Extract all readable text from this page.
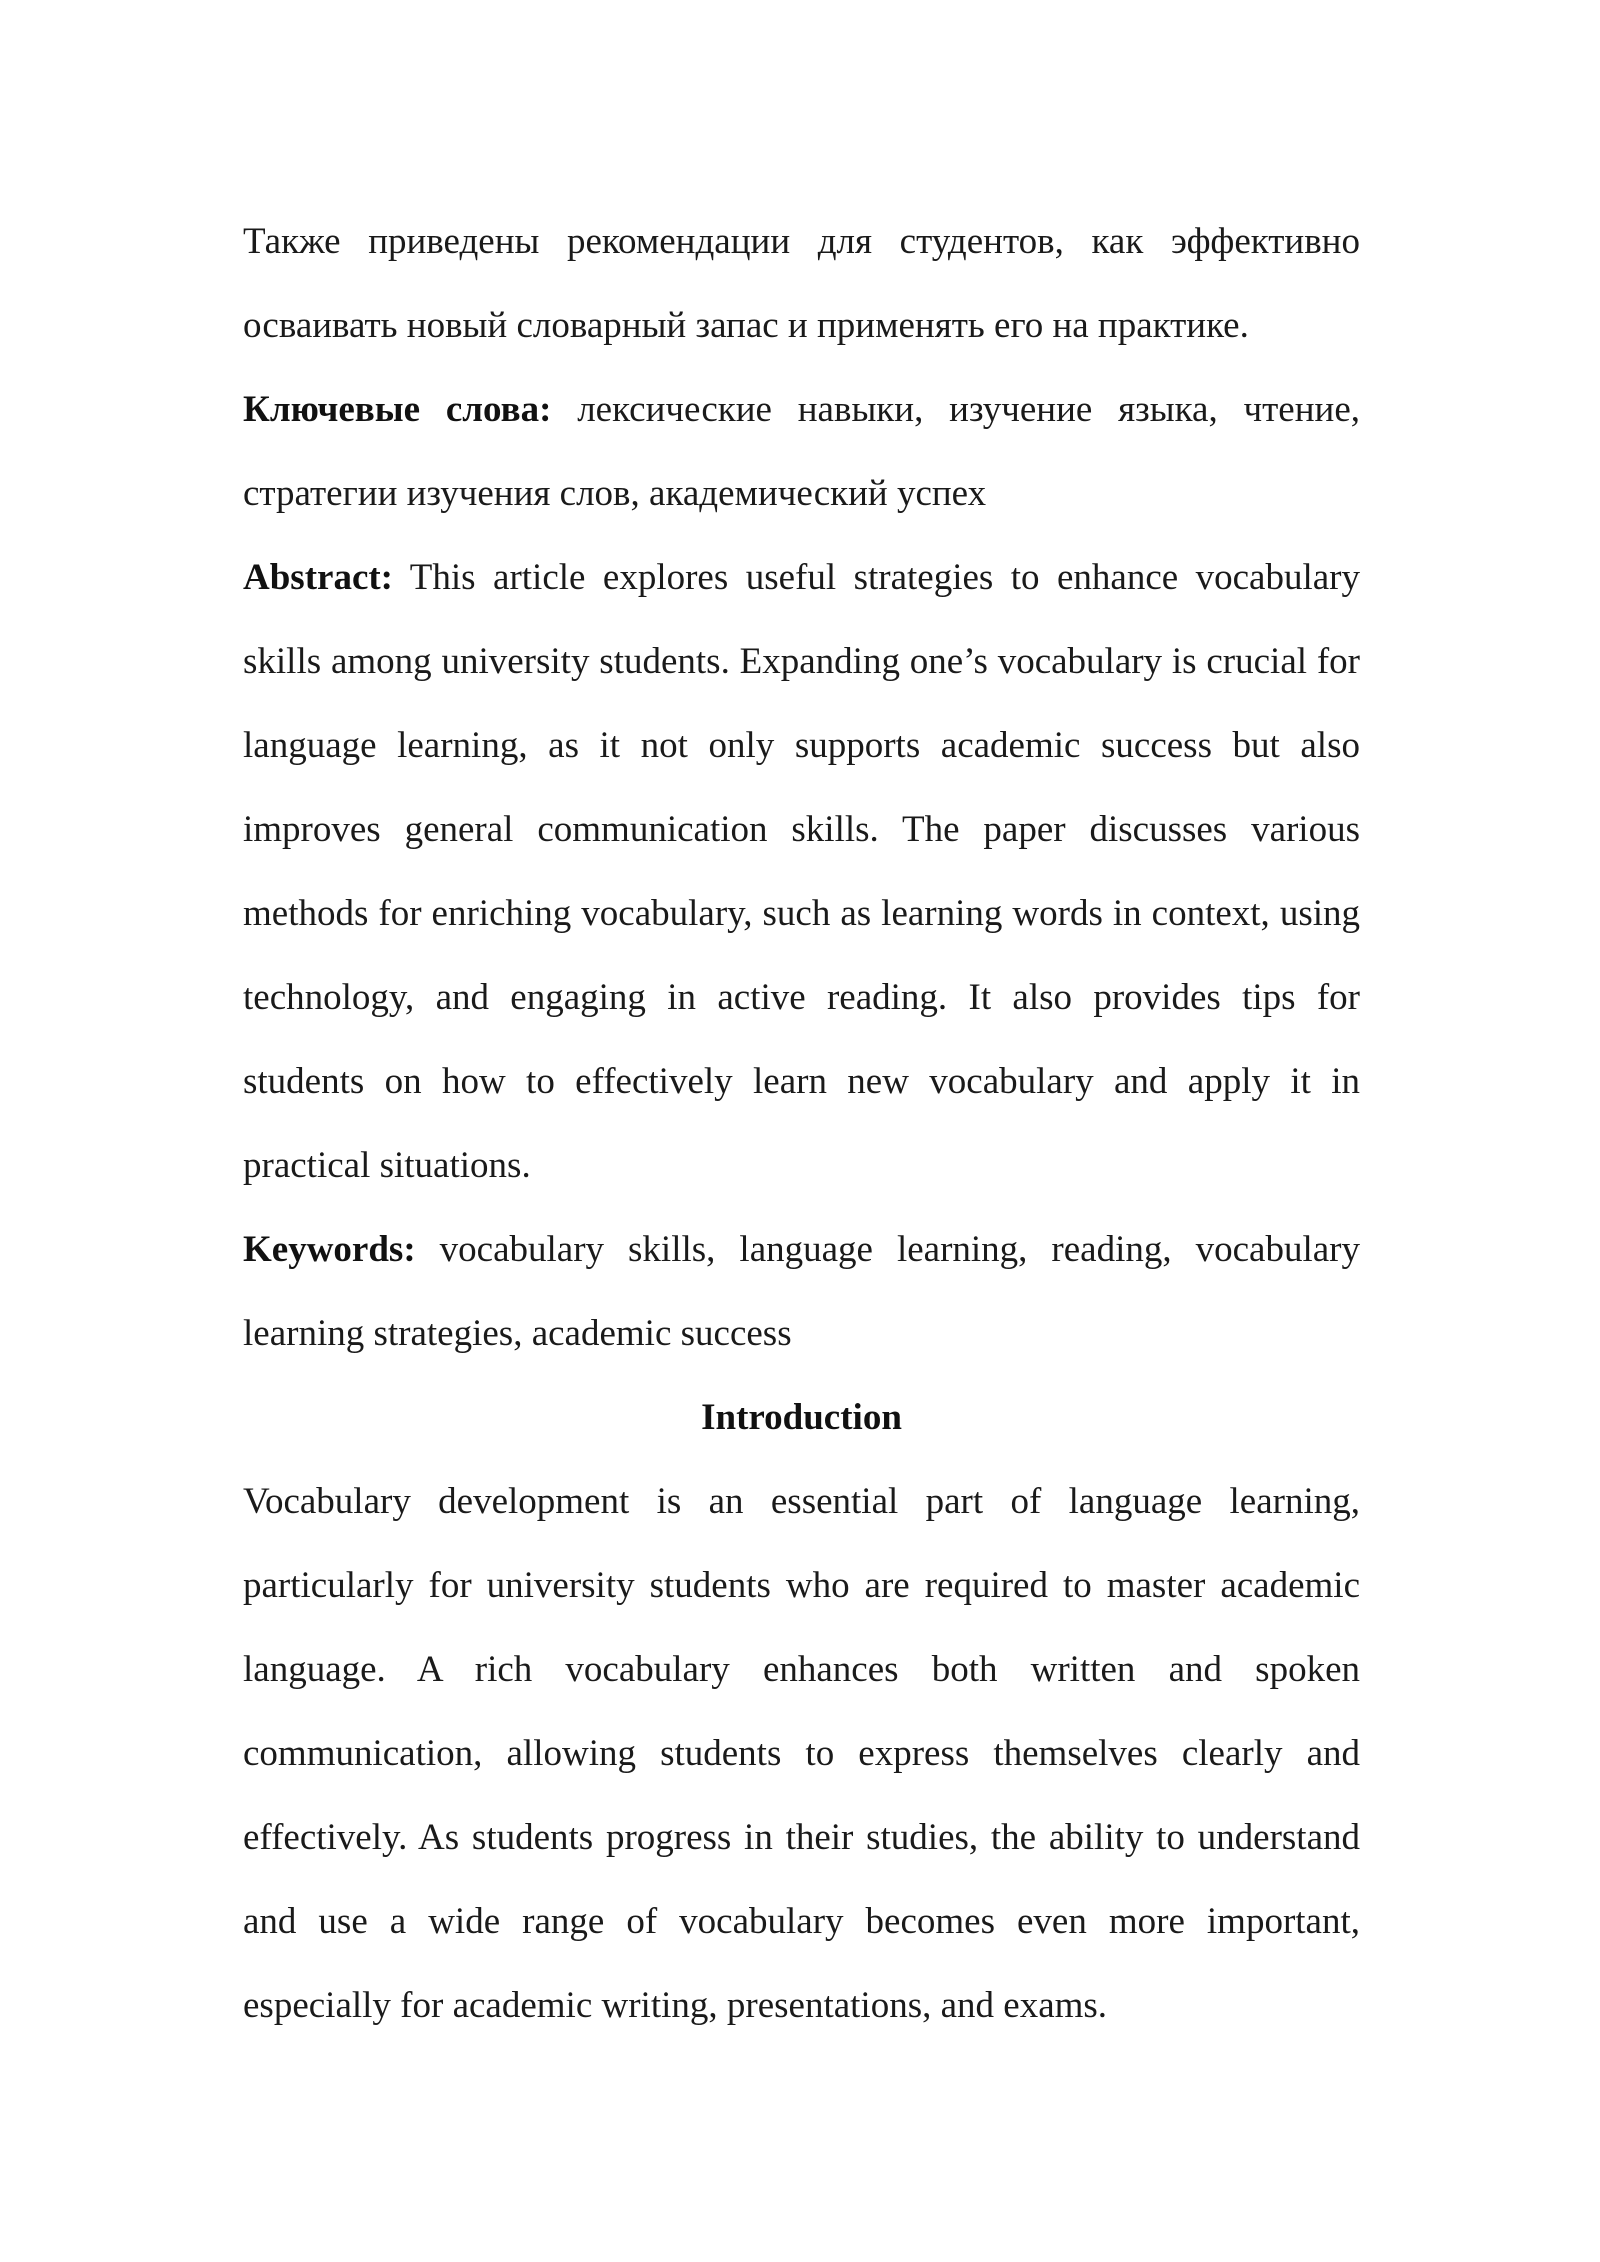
Также приведены рекомендации для студентов, как эффективно осваивать новый словарный запас и применять его на практике.

Ключевые слова: лексические навыки, изучение языка, чтение, стратегии изучения слов, академический успех

Abstract: This article explores useful strategies to enhance vocabulary skills among university students. Expanding one’s vocabulary is crucial for language learning, as it not only supports academic success but also improves general communication skills. The paper discusses various methods for enriching vocabulary, such as learning words in context, using technology, and engaging in active reading. It also provides tips for students on how to effectively learn new vocabulary and apply it in practical situations.

Keywords: vocabulary skills, language learning, reading, vocabulary learning strategies, academic success

Introduction

Vocabulary development is an essential part of language learning, particularly for university students who are required to master academic language. A rich vocabulary enhances both written and spoken communication, allowing students to express themselves clearly and effectively. As students progress in their studies, the ability to understand and use a wide range of vocabulary becomes even more important, especially for academic writing, presentations, and exams.
